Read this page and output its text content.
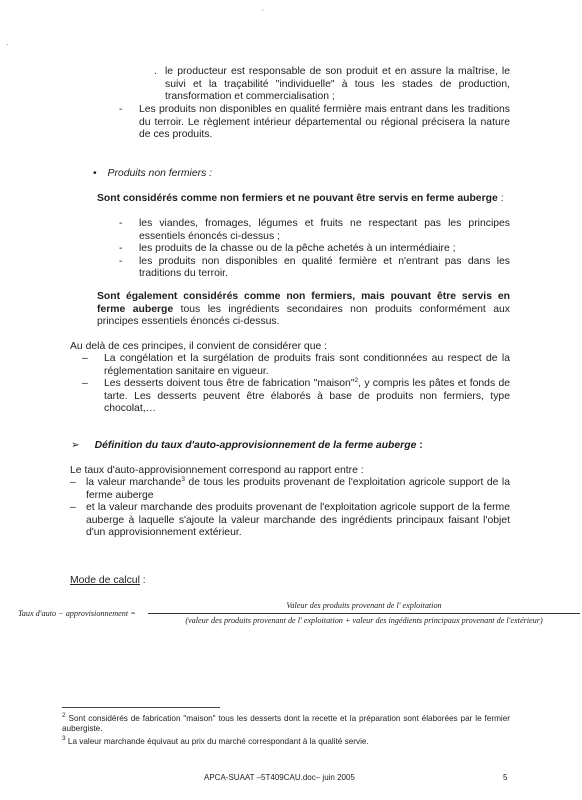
·
'
. le producteur est responsable de son produit et en assure la maîtrise, le suivi et la traçabilité "individuelle" à tous les stades de production, transformation et commercialisation ;

- Les produits non disponibles en qualité fermière mais entrant dans les traditions du terroir. Le règlement intérieur départemental ou régional précisera la nature de ces produits.

• Produits non fermiers :

Sont considérés comme non fermiers et ne pouvant être servis en ferme auberge :

- les viandes, fromages, légumes et fruits ne respectant pas les principes essentiels énoncés ci-dessus ;

- les produits de la chasse ou de la pêche achetés à un intermédiaire ;

- les produits non disponibles en qualité fermière et n'entrant pas dans les traditions du terroir.

Sont également considérés comme non fermiers, mais pouvant être servis en ferme auberge tous les ingrédients secondaires non produits conformément aux principes essentiels énoncés ci-dessus.

Au delà de ces principes, il convient de considérer que :
– La congélation et la surgélation de produits frais sont conditionnées au respect de la réglementation sanitaire en vigueur.

– Les desserts doivent tous être de fabrication "maison"$^2$, y compris les pâtes et fonds de tarte. Les desserts peuvent être élaborés à base de produits non fermiers, type chocolat,…

➢ Définition du taux d'auto-approvisionnement de la ferme auberge :
Le taux d'auto-approvisionnement correspond au rapport entre :
– la valeur marchande$^3$ de tous les produits provenant de l'exploitation agricole support de la ferme auberge

– et la valeur marchande des produits provenant de l'exploitation agricole support de la ferme auberge à laquelle s'ajoute la valeur marchande des ingrédients principaux faisant l'objet d'un approvisionnement extérieur.

Mode de calcul :
Taux d'auto − approvisionnement =
Valeur des produits provenant de l' exploitation
(valeur des produits provenant de l' exploitation + valeur des ingédients principaux provenant de l'extérieur)
$^2$ Sont considérés de fabrication "maison" tous les desserts dont la recette et la préparation sont élaborées par le fermier aubergiste.
$^3$ La valeur marchande équivaut au prix du marché correspondant à la qualité servie.
APCA-SUAAT –5T409CAU.doc– juin 2005	5
